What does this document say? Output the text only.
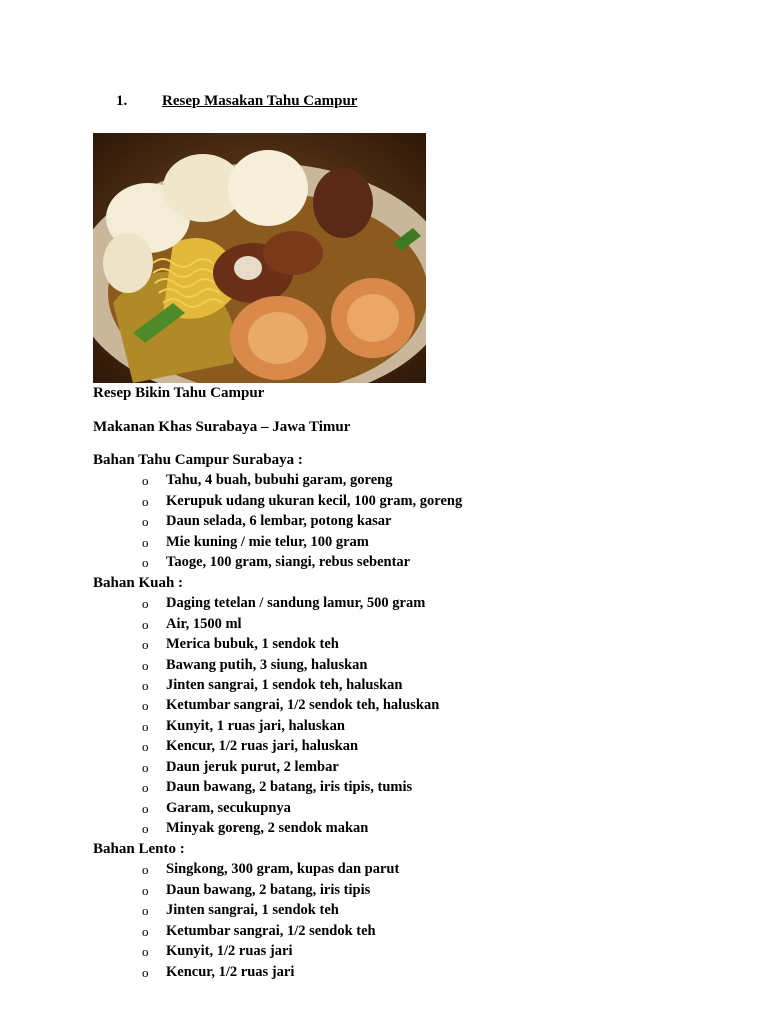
1. Resep Masakan Tahu Campur
Resep Bikin Tahu Campur
Makanan Khas Surabaya – Jawa Timur
Bahan Tahu Campur Surabaya :
o Tahu, 4 buah, bubuhi garam, goreng
o Kerupuk udang ukuran kecil, 100 gram, goreng
o Daun selada, 6 lembar, potong kasar
o Mie kuning / mie telur, 100 gram
o Taoge, 100 gram, siangi, rebus sebentar
Bahan Kuah :
o Daging tetelan / sandung lamur, 500 gram
o Air, 1500 ml
o Merica bubuk, 1 sendok teh
o Bawang putih, 3 siung, haluskan
o Jinten sangrai, 1 sendok teh, haluskan
o Ketumbar sangrai, 1/2 sendok teh, haluskan
o Kunyit, 1 ruas jari, haluskan
o Kencur, 1/2 ruas jari, haluskan
o Daun jeruk purut, 2 lembar
o Daun bawang, 2 batang, iris tipis, tumis
o Garam, secukupnya
o Minyak goreng, 2 sendok makan
Bahan Lento :
o Singkong, 300 gram, kupas dan parut
o Daun bawang, 2 batang, iris tipis
o Jinten sangrai, 1 sendok teh
o Ketumbar sangrai, 1/2 sendok teh
o Kunyit, 1/2 ruas jari
o Kencur, 1/2 ruas jari
